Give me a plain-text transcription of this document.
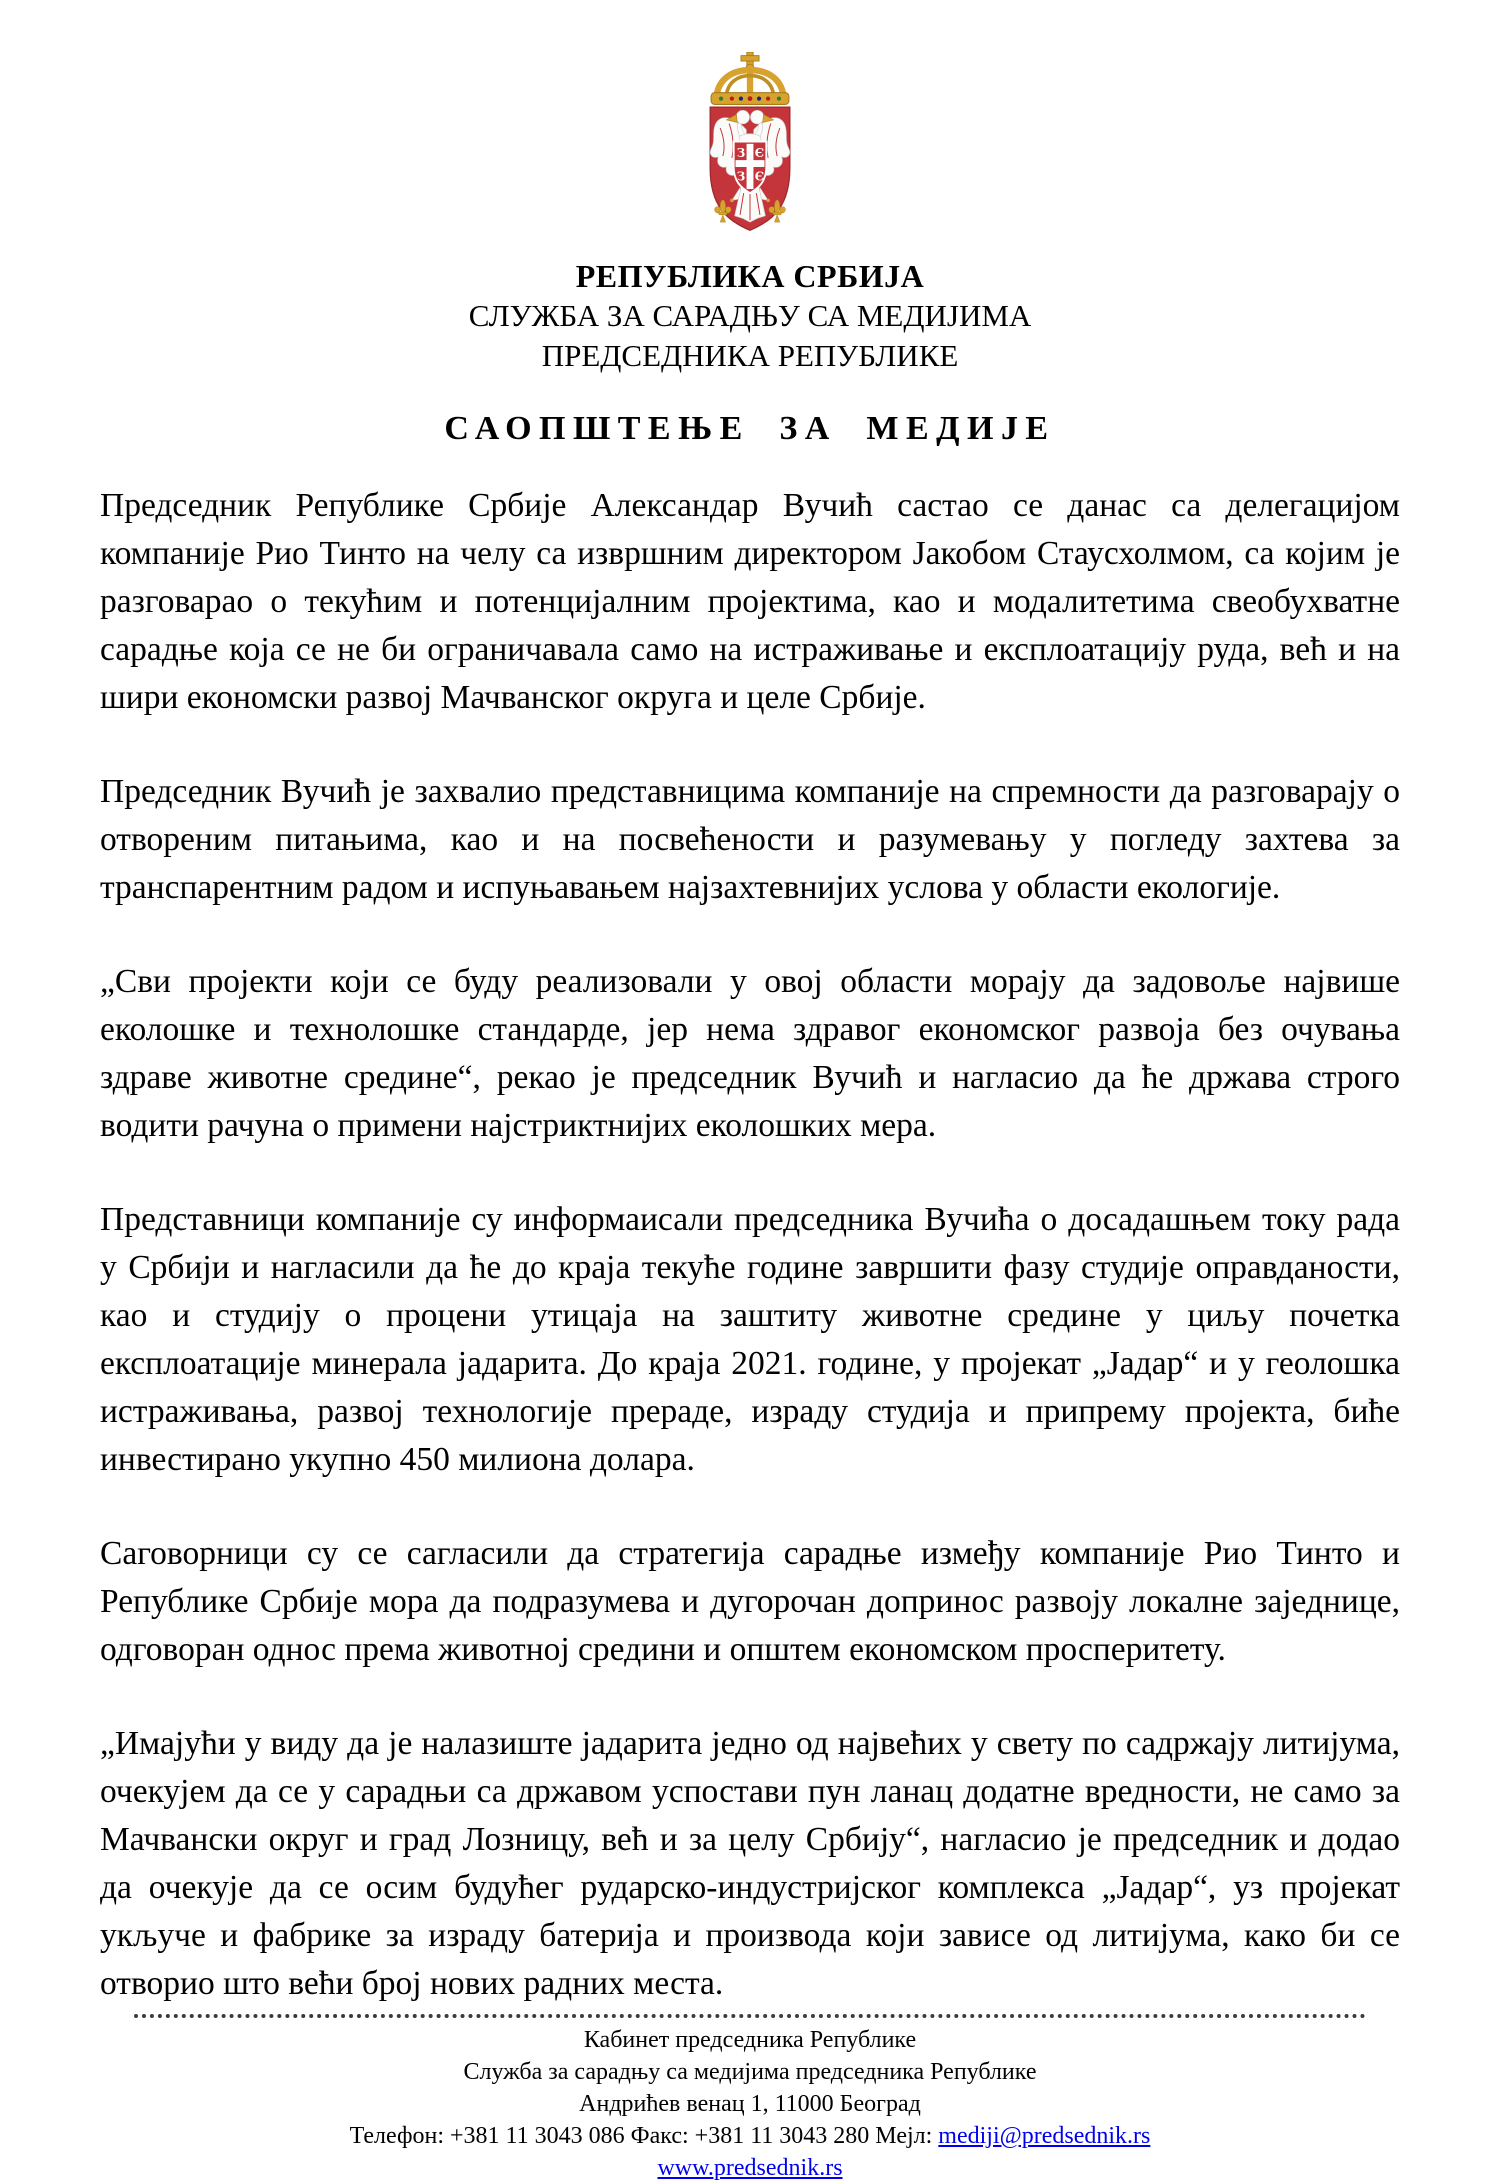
З Є
З Є
РЕПУБЛИКА СРБИЈА
СЛУЖБА ЗА САРАДЊУ СА МЕДИЈИМА
ПРЕДСЕДНИКА РЕПУБЛИКЕ
САОПШТЕЊЕ ЗА МЕДИЈЕ

Председник Републике Србије Александар Вучић састао се данас са делегацијом компаније Рио Тинто на челу са извршним директором Јакобом Стаусхолмом, са којим је разговарао о текућим и потенцијалним пројектима, као и модалитетима свеобухватне сарадње која се не би ограничавала само на истраживање и експлоатацију руда, већ и на шири економски развој Мачванског округа и целе Србије.

Председник Вучић је захвалио представницима компаније на спремности да разговарају о отвореним питањима, као и на посвећености и разумевању у погледу захтева за транспарентним радом и испуњавањем најзахтевнијих услова у области екологије.

„Сви пројекти који се буду реализовали у овој области морају да задовоље највише еколошке и технолошке стандарде, јер нема здравог економског развоја без очувања здраве животне средине“, рекао је председник Вучић и нагласио да ће држава строго водити рачуна о примени најстриктнијих еколошких мера.

Представници компаније су информаисали председника Вучића о досадашњем току рада у Србији и нагласили да ће до краја текуће године завршити фазу студије оправданости, као и студију о процени утицаја на заштиту животне средине у циљу почетка експлоатације минерала јадарита. До краја 2021. године, у пројекат „Јадар“ и у геолошка истраживања, развој технологије прераде, израду студија и припрему пројекта, биће инвестирано укупно 450 милиона долара.

Саговорници су се сагласили да стратегија сарадње између компаније Рио Тинто и Републике Србије мора да подразумева и дугорочан допринос развоју локалне заједнице, одговоран однос према животној средини и општем економском просперитету.

„Имајући у виду да је налазиште јадарита једно од највећих у свету по садржају литијума, очекујем да се у сарадњи са државом успостави пун ланац додатне вредности, не само за Мачвански округ и град Лозницу, већ и за целу Србију“, нагласио је председник и додао да очекује да се осим будућег рударско-индустријског комплекса „Јадар“, уз пројекат укључе и фабрике за израду батерија и производа који зависе од литијума, како би се отворио што већи број нових радних места.

Кабинет председника Републике
Служба за сарадњу са медијима председника Републике
Андрићев венац 1, 11000 Београд
Телефон: +381 11 3043 086 Факс: +381 11 3043 280 Мејл: mediji@predsednik.rs
www.predsednik.rs
